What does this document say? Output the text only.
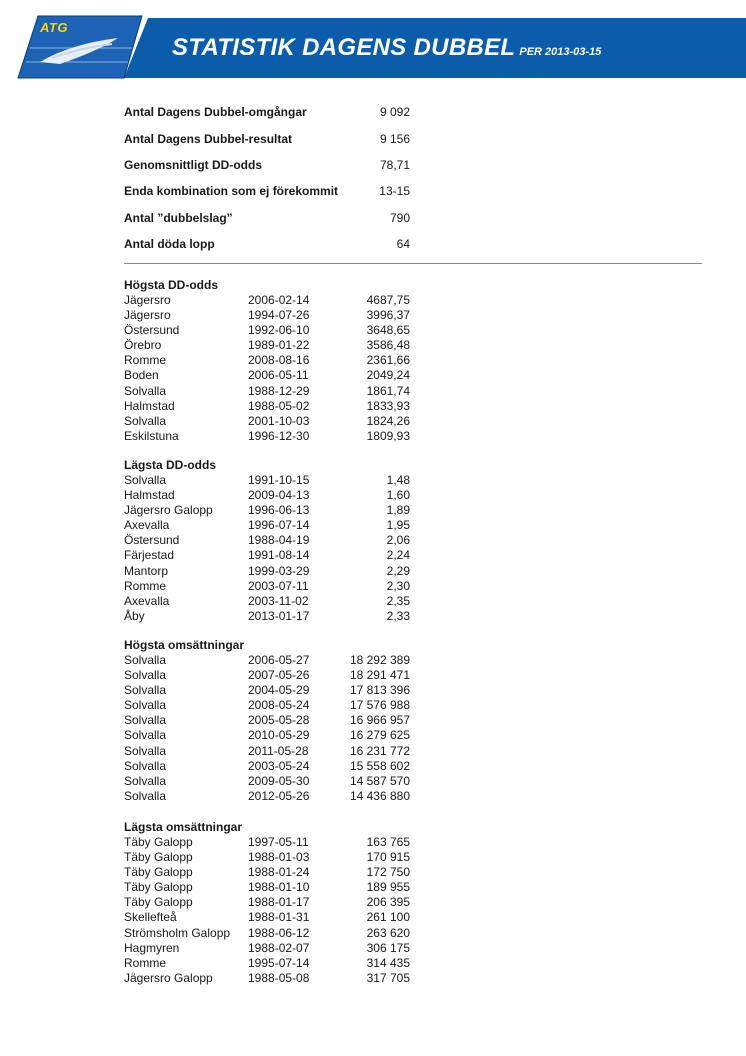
ATG
STATISTIK DAGENS DUBBEL PER 2013-03-15
Antal Dagens Dubbel-omgångar	9 092
Antal Dagens Dubbel-resultat	9 156
Genomsnittligt DD-odds	78,71
Enda kombination som ej förekommit	13-15
Antal ”dubbelslag”	790
Antal döda lopp	64
Högsta DD-odds
Jägersro	2006-02-14	4687,75
Jägersro	1994-07-26	3996,37
Östersund	1992-06-10	3648,65
Örebro	1989-01-22	3586,48
Romme	2008-08-16	2361,66
Boden	2006-05-11	2049,24
Solvalla	1988-12-29	1861,74
Halmstad	1988-05-02	1833,93
Solvalla	2001-10-03	1824,26
Eskilstuna	1996-12-30	1809,93
Lägsta DD-odds
Solvalla	1991-10-15	1,48
Halmstad	2009-04-13	1,60
Jägersro Galopp	1996-06-13	1,89
Axevalla	1996-07-14	1,95
Östersund	1988-04-19	2,06
Färjestad	1991-08-14	2,24
Mantorp	1999-03-29	2,29
Romme	2003-07-11	2,30
Axevalla	2003-11-02	2,35
Åby	2013-01-17	2,33
Högsta omsättningar
Solvalla	2006-05-27	18 292 389
Solvalla	2007-05-26	18 291 471
Solvalla	2004-05-29	17 813 396
Solvalla	2008-05-24	17 576 988
Solvalla	2005-05-28	16 966 957
Solvalla	2010-05-29	16 279 625
Solvalla	2011-05-28	16 231 772
Solvalla	2003-05-24	15 558 602
Solvalla	2009-05-30	14 587 570
Solvalla	2012-05-26	14 436 880
Lägsta omsättningar
Täby Galopp	1997-05-11	163 765
Täby Galopp	1988-01-03	170 915
Täby Galopp	1988-01-24	172 750
Täby Galopp	1988-01-10	189 955
Täby Galopp	1988-01-17	206 395
Skellefteå	1988-01-31	261 100
Strömsholm Galopp	1988-06-12	263 620
Hagmyren	1988-02-07	306 175
Romme	1995-07-14	314 435
Jägersro Galopp	1988-05-08	317 705
